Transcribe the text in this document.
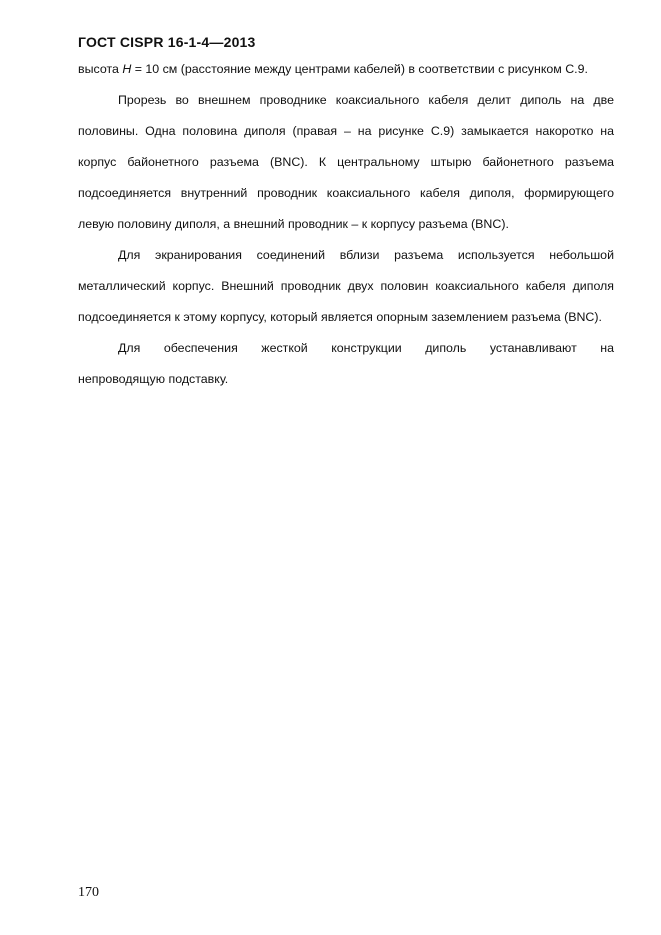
ГОСТ CISPR 16-1-4—2013

высота H = 10 см (расстояние между центрами кабелей) в соответствии с рисунком С.9.

Прорезь во внешнем проводнике коаксиального кабеля делит диполь на две половины. Одна половина диполя (правая – на рисунке С.9) замыкается накоротко на корпус байонетного разъема (BNC). К центральному штырю байонетного разъема подсоединяется внутренний проводник коаксиального кабеля диполя, формирующего левую половину диполя, а внешний проводник – к корпусу разъема (BNC).

Для экранирования соединений вблизи разъема используется небольшой металлический корпус. Внешний проводник двух половин коаксиального кабеля диполя подсоединяется к этому корпусу, который является опорным заземлением разъема (BNC).

Для обеспечения жесткой конструкции диполь устанавливают на

непроводящую подставку.

170
